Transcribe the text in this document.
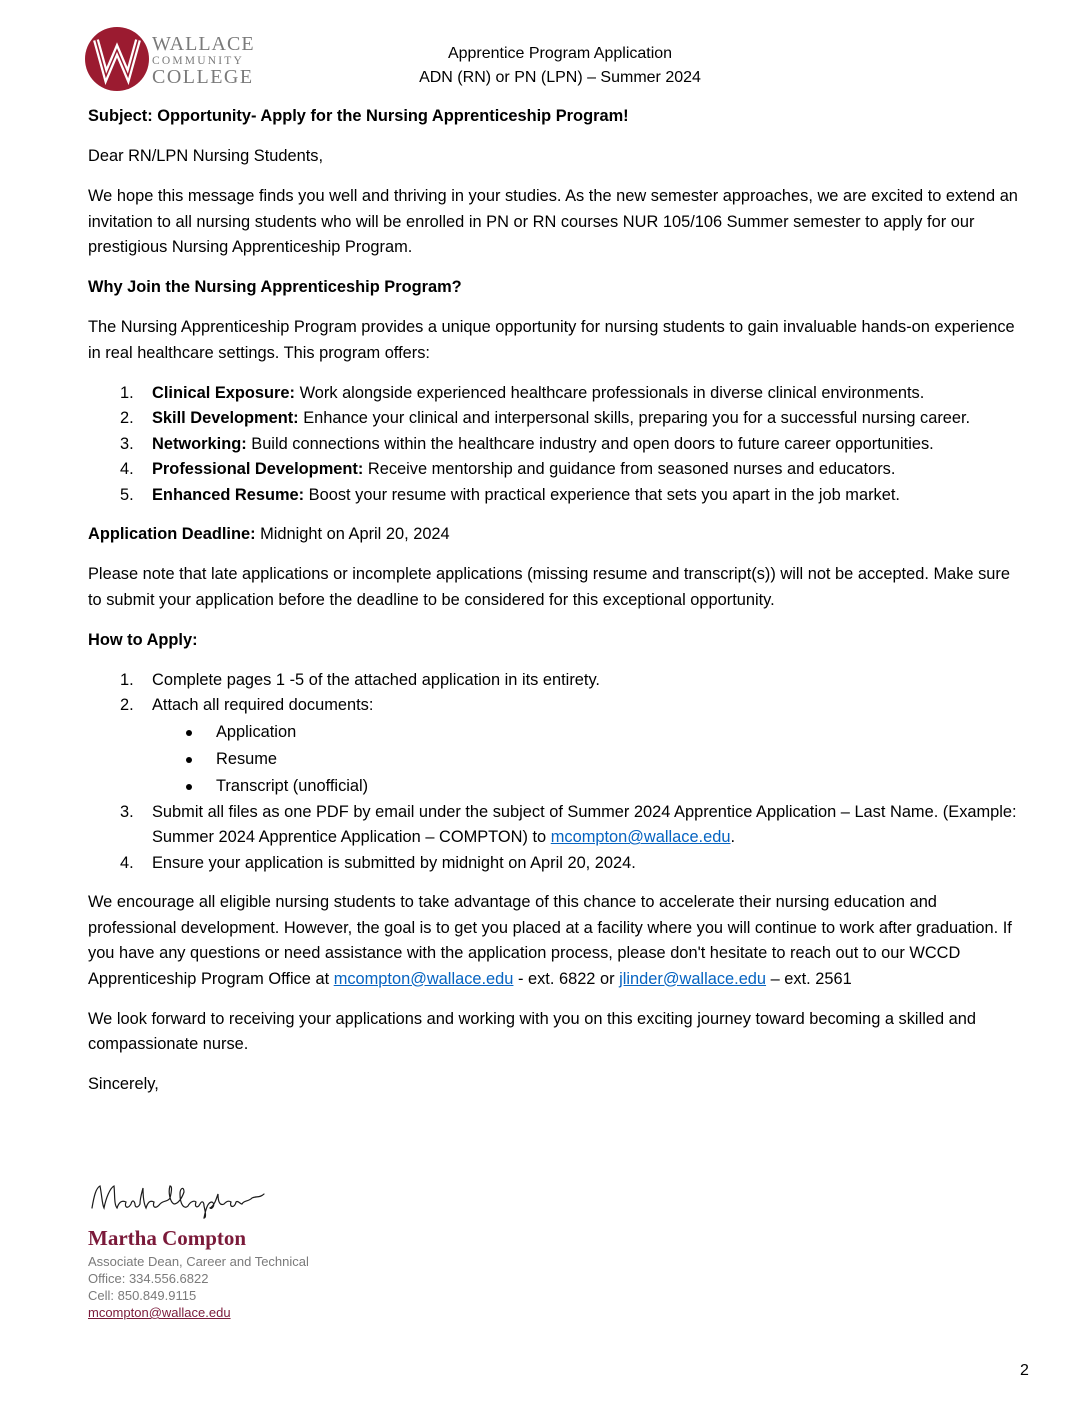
WALLACE
COMMUNITY
COLLEGE
Apprentice Program Application
ADN (RN) or PN (LPN) – Summer 2024

Subject: Opportunity- Apply for the Nursing Apprenticeship Program!

Dear RN/LPN Nursing Students,

We hope this message finds you well and thriving in your studies. As the new semester approaches, we are excited to extend an invitation to all nursing students who will be enrolled in PN or RN courses NUR 105/106 Summer semester to apply for our prestigious Nursing Apprenticeship Program.

Why Join the Nursing Apprenticeship Program?

The Nursing Apprenticeship Program provides a unique opportunity for nursing students to gain invaluable hands-on experience in real healthcare settings. This program offers:

1. Clinical Exposure: Work alongside experienced healthcare professionals in diverse clinical environments.
2. Skill Development: Enhance your clinical and interpersonal skills, preparing you for a successful nursing career.
3. Networking: Build connections within the healthcare industry and open doors to future career opportunities.
4. Professional Development: Receive mentorship and guidance from seasoned nurses and educators.
5. Enhanced Resume: Boost your resume with practical experience that sets you apart in the job market.

Application Deadline: Midnight on April 20, 2024

Please note that late applications or incomplete applications (missing resume and transcript(s)) will not be accepted. Make sure to submit your application before the deadline to be considered for this exceptional opportunity.

How to Apply:

1. Complete pages 1 -5 of the attached application in its entirety.
2. Attach all required documents:
Application
Resume
Transcript (unofficial)
3. Submit all files as one PDF by email under the subject of Summer 2024 Apprentice Application – Last Name. (Example: Summer 2024 Apprentice Application – COMPTON) to mcompton@wallace.edu.
4. Ensure your application is submitted by midnight on April 20, 2024.

We encourage all eligible nursing students to take advantage of this chance to accelerate their nursing education and professional development. However, the goal is to get you placed at a facility where you will continue to work after graduation. If you have any questions or need assistance with the application process, please don't hesitate to reach out to our WCCD Apprenticeship Program Office at mcompton@wallace.edu - ext. 6822 or jlinder@wallace.edu – ext. 2561

We look forward to receiving your applications and working with you on this exciting journey toward becoming a skilled and compassionate nurse.

Sincerely,

Martha Compton
Associate Dean, Career and Technical
Office: 334.556.6822
Cell: 850.849.9115
mcompton@wallace.edu
2
